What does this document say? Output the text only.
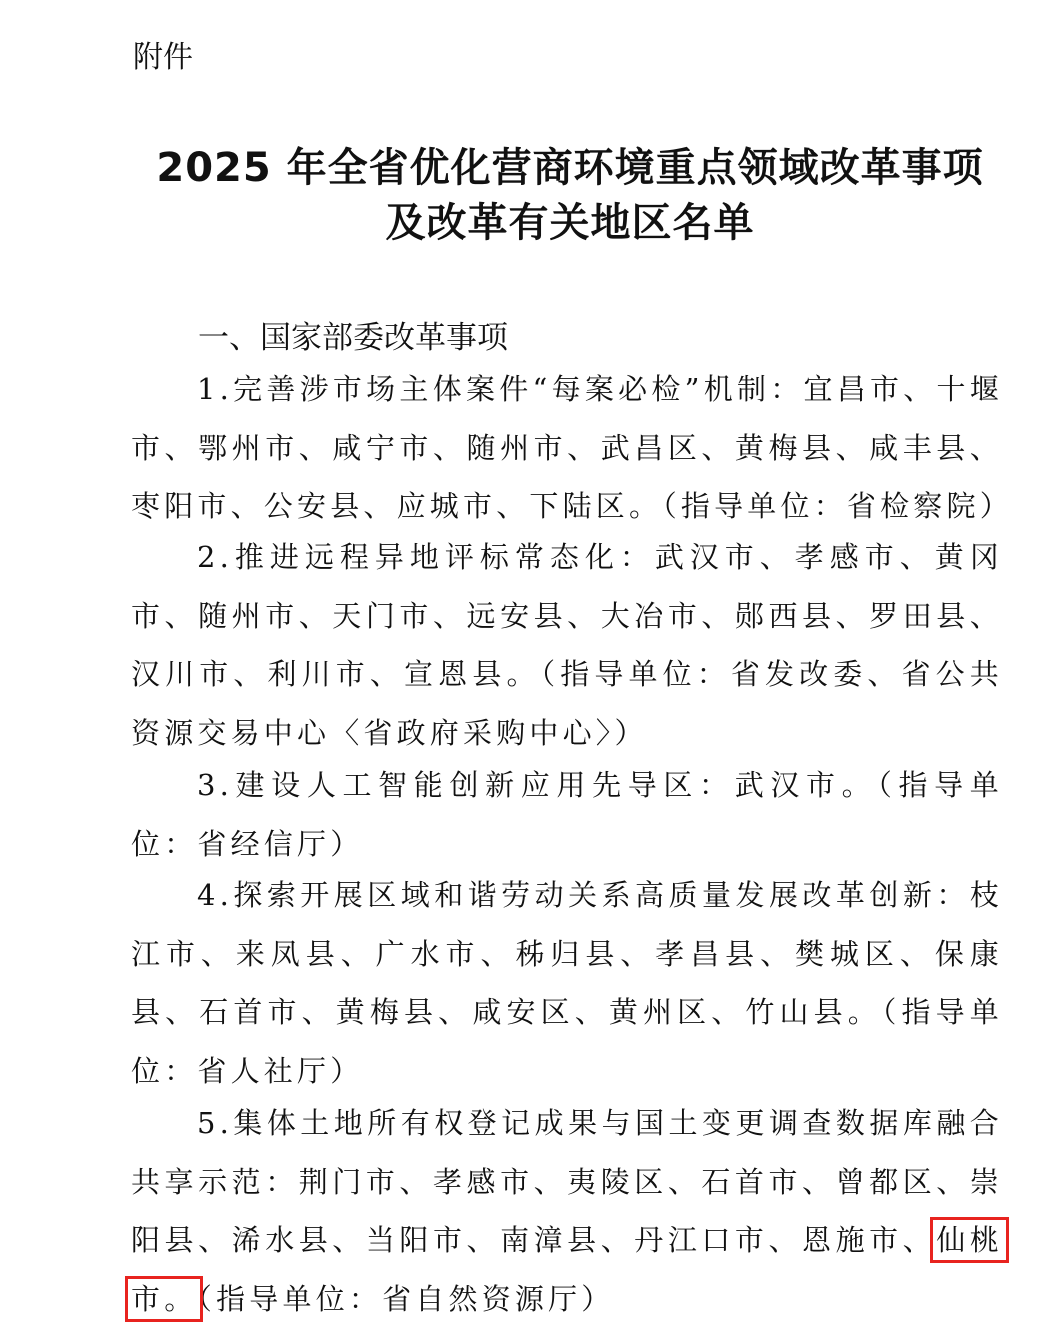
附件
2025 年全省优化营商环境重点领域改革事项
及改革有关地区名单
一、国家部委改革事项

1.完善涉市场主体案件“每案必检”机制：宜昌市、十堰市、鄂州市、咸宁市、随州市、武昌区、黄梅县、咸丰县、枣阳市、公安县、应城市、下陆区。（指导单位：省检察院）

2.推进远程异地评标常态化：武汉市、孝感市、黄冈市、随州市、天门市、远安县、大冶市、郧西县、罗田县、汉川市、利川市、宣恩县。（指导单位：省发改委、省公共资源交易中心〈省政府采购中心〉）

3.建设人工智能创新应用先导区：武汉市。（指导单位：省经信厅）

4.探索开展区域和谐劳动关系高质量发展改革创新：枝江市、来凤县、广水市、秭归县、孝昌县、樊城区、保康县、石首市、黄梅县、咸安区、黄州区、竹山县。（指导单位：省人社厅）

5.集体土地所有权登记成果与国土变更调查数据库融合共享示范：荆门市、孝感市、夷陵区、石首市、曾都区、崇阳县、浠水县、当阳市、南漳县、丹江口市、恩施市、仙桃市。（指导单位：省自然资源厅）
